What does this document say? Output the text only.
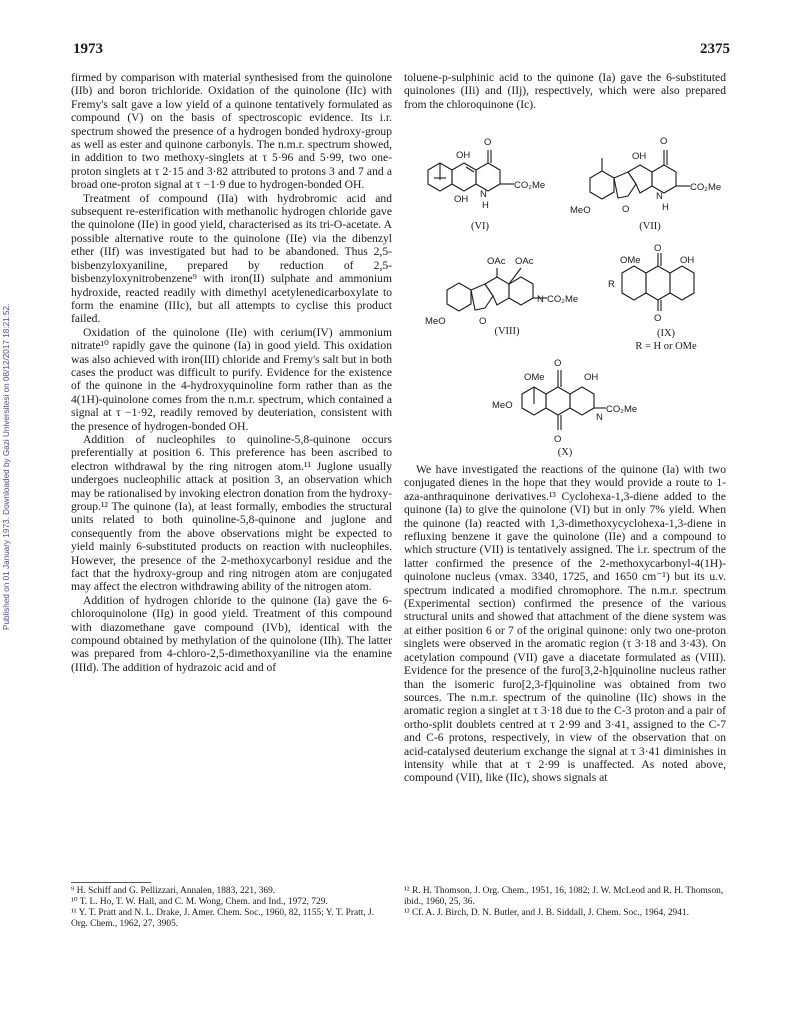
Published on 01 January 1973. Downloaded by Gazi Universitesi on 08/12/2017 18:21:52.
1973	2375

firmed by comparison with material synthesised from the quinolone (IIb) and boron trichloride. Oxidation of the quinolone (IIc) with Fremy's salt gave a low yield of a quinone tentatively formulated as compound (V) on the basis of spectroscopic evidence. Its i.r. spectrum showed the presence of a hydrogen bonded hydroxy-group as well as ester and quinone carbonyls. The n.m.r. spectrum showed, in addition to two methoxy-singlets at τ 5·96 and 5·99, two one-proton singlets at τ 2·15 and 3·82 attributed to protons 3 and 7 and a broad one-proton signal at τ −1·9 due to hydrogen-bonded OH.

Treatment of compound (IIa) with hydrobromic acid and subsequent re-esterification with methanolic hydrogen chloride gave the quinolone (IIe) in good yield, characterised as its tri-O-acetate. A possible alternative route to the quinolone (IIe) via the dibenzyl ether (IIf) was investigated but had to be abandoned. Thus 2,5-bisbenzyloxyaniline, prepared by reduction of 2,5-bisbenzyloxynitrobenzene⁹ with iron(II) sulphate and ammonium hydroxide, reacted readily with dimethyl acetylenedicarboxylate to form the enamine (IIIc), but all attempts to cyclise this product failed.

Oxidation of the quinolone (IIe) with cerium(IV) ammonium nitrate¹⁰ rapidly gave the quinone (Ia) in good yield. This oxidation was also achieved with iron(III) chloride and Fremy's salt but in both cases the product was difficult to purify. Evidence for the existence of the quinone in the 4-hydroxyquinoline form rather than as the 4(1H)-quinolone comes from the n.m.r. spectrum, which contained a signal at τ −1·92, readily removed by deuteriation, consistent with the presence of hydrogen-bonded OH.

Addition of nucleophiles to quinoline-5,8-quinone occurs preferentially at position 6. This preference has been ascribed to electron withdrawal by the ring nitrogen atom.¹¹ Juglone usually undergoes nucleophilic attack at position 3, an observation which may be rationalised by invoking electron donation from the hydroxy-group.¹² The quinone (Ia), at least formally, embodies the structural units related to both quinoline-5,8-quinone and juglone and consequently from the above observations might be expected to yield mainly 6-substituted products on reaction with nucleophiles. However, the presence of the 2-methoxycarbonyl residue and the fact that the hydroxy-group and ring nitrogen atom are conjugated may affect the electron withdrawing ability of the nitrogen atom.

Addition of hydrogen chloride to the quinone (Ia) gave the 6-chloroquinolone (IIg) in good yield. Treatment of this compound with diazomethane gave compound (IVb), identical with the compound obtained by methylation of the quinolone (IIh). The latter was prepared from 4-chloro-2,5-dimethoxyaniline via the enamine (IIId). The addition of hydrazoic acid and of

toluene-p-sulphinic acid to the quinone (Ia) gave the 6-substituted quinolones (IIi) and (IIj), respectively, which were also prepared from the chloroquinone (Ic).

O
OH
OH N
H
CO₂Me
(VI)
O
OH
N
H
CO₂Me
MeO	O
(VII)
OAc OAc
N CO₂Me
MeO	O
(VIII)
O
OMe	OH
R
O
(IX)
R = H or OMe
O
OMe	OH
MeO
N
CO₂Me
O
(X)

We have investigated the reactions of the quinone (Ia) with two conjugated dienes in the hope that they would provide a route to 1-aza-anthraquinone derivatives.¹³ Cyclohexa-1,3-diene added to the quinone (Ia) to give the quinolone (VI) but in only 7% yield. When the quinone (Ia) reacted with 1,3-dimethoxycyclohexa-1,3-diene in refluxing benzene it gave the quinolone (IIe) and a compound to which structure (VII) is tentatively assigned. The i.r. spectrum of the latter confirmed the presence of the 2-methoxycarbonyl-4(1H)-quinolone nucleus (νmax. 3340, 1725, and 1650 cm⁻¹) but its u.v. spectrum indicated a modified chromophore. The n.m.r. spectrum (Experimental section) confirmed the presence of the various structural units and showed that attachment of the diene system was at either position 6 or 7 of the original quinone: only two one-proton singlets were observed in the aromatic region (τ 3·18 and 3·43). On acetylation compound (VII) gave a diacetate formulated as (VIII). Evidence for the presence of the furo[3,2-h]quinoline nucleus rather than the isomeric furo[2,3-f]quinoline was obtained from two sources. The n.m.r. spectrum of the quinoline (IIc) shows in the aromatic region a singlet at τ 3·18 due to the C-3 proton and a pair of ortho-split doublets centred at τ 2·99 and 3·41, assigned to the C-7 and C-6 protons, respectively, in view of the observation that on acid-catalysed deuterium exchange the signal at τ 3·41 diminishes in intensity while that at τ 2·99 is unaffected. As noted above, compound (VII), like (IIc), shows signals at

⁹ H. Schiff and G. Pellizzari, Annalen, 1883, 221, 369.

¹⁰ T. L. Ho, T. W. Hall, and C. M. Wong, Chem. and Ind., 1972, 729.

¹¹ Y. T. Pratt and N. L. Drake, J. Amer. Chem. Soc., 1960, 82, 1155; Y. T. Pratt, J. Org. Chem., 1962, 27, 3905.

¹² R. H. Thomson, J. Org. Chem., 1951, 16, 1082; J. W. McLeod and R. H. Thomson, ibid., 1960, 25, 36.

¹³ Cf. A. J. Birch, D. N. Butler, and J. B. Siddall, J. Chem. Soc., 1964, 2941.
